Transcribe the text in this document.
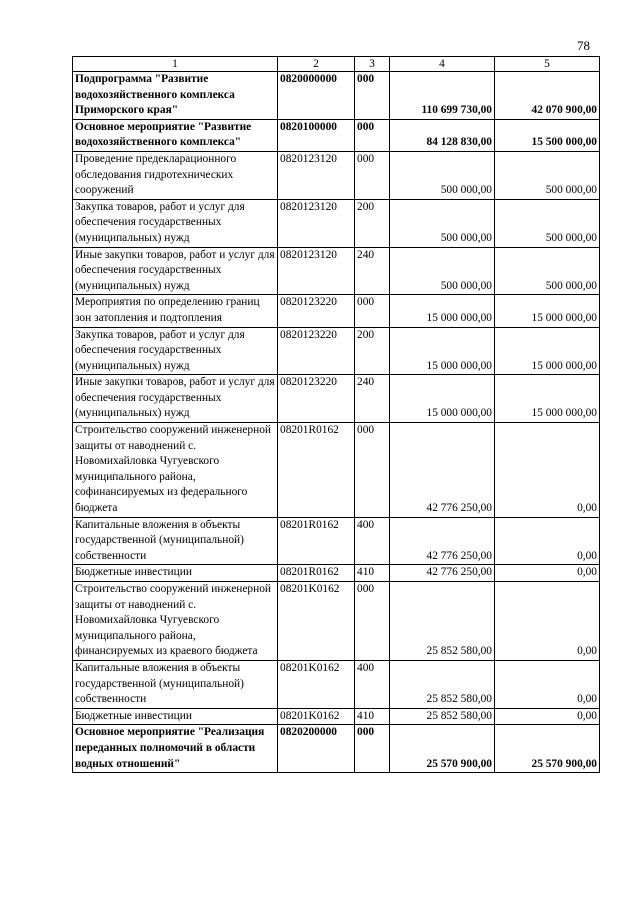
78
1	2	3	4	5
Подпрограмма "Развитие водохозяйственного комплекса Приморского края"	0820000000	000	110 699 730,00	42 070 900,00
Основное мероприятие "Развитие водохозяйственного комплекса"	0820100000	000	84 128 830,00	15 500 000,00
Проведение предекларационного обследования гидротехнических сооружений	0820123120	000	500 000,00	500 000,00
Закупка товаров, работ и услуг для обеспечения государственных (муниципальных) нужд	0820123120	200	500 000,00	500 000,00
Иные закупки товаров, работ и услуг для обеспечения государственных (муниципальных) нужд	0820123120	240	500 000,00	500 000,00
Мероприятия по определению границ зон затопления и подтопления	0820123220	000	15 000 000,00	15 000 000,00
Закупка товаров, работ и услуг для обеспечения государственных (муниципальных) нужд	0820123220	200	15 000 000,00	15 000 000,00
Иные закупки товаров, работ и услуг для обеспечения государственных (муниципальных) нужд	0820123220	240	15 000 000,00	15 000 000,00
Строительство сооружений инженерной защиты от наводнений с. Новомихайловка Чугуевского муниципального района, софинансируемых из федерального бюджета	08201R0162	000	42 776 250,00	0,00
Капитальные вложения в объекты государственной (муниципальной) собственности	08201R0162	400	42 776 250,00	0,00
Бюджетные инвестиции	08201R0162	410	42 776 250,00	0,00
Строительство сооружений инженерной защиты от наводнений с. Новомихайловка Чугуевского муниципального района, финансируемых из краевого бюджета	08201K0162	000	25 852 580,00	0,00
Капитальные вложения в объекты государственной (муниципальной) собственности	08201K0162	400	25 852 580,00	0,00
Бюджетные инвестиции	08201K0162	410	25 852 580,00	0,00
Основное мероприятие "Реализация переданных полномочий в области водных отношений"	0820200000	000	25 570 900,00	25 570 900,00
